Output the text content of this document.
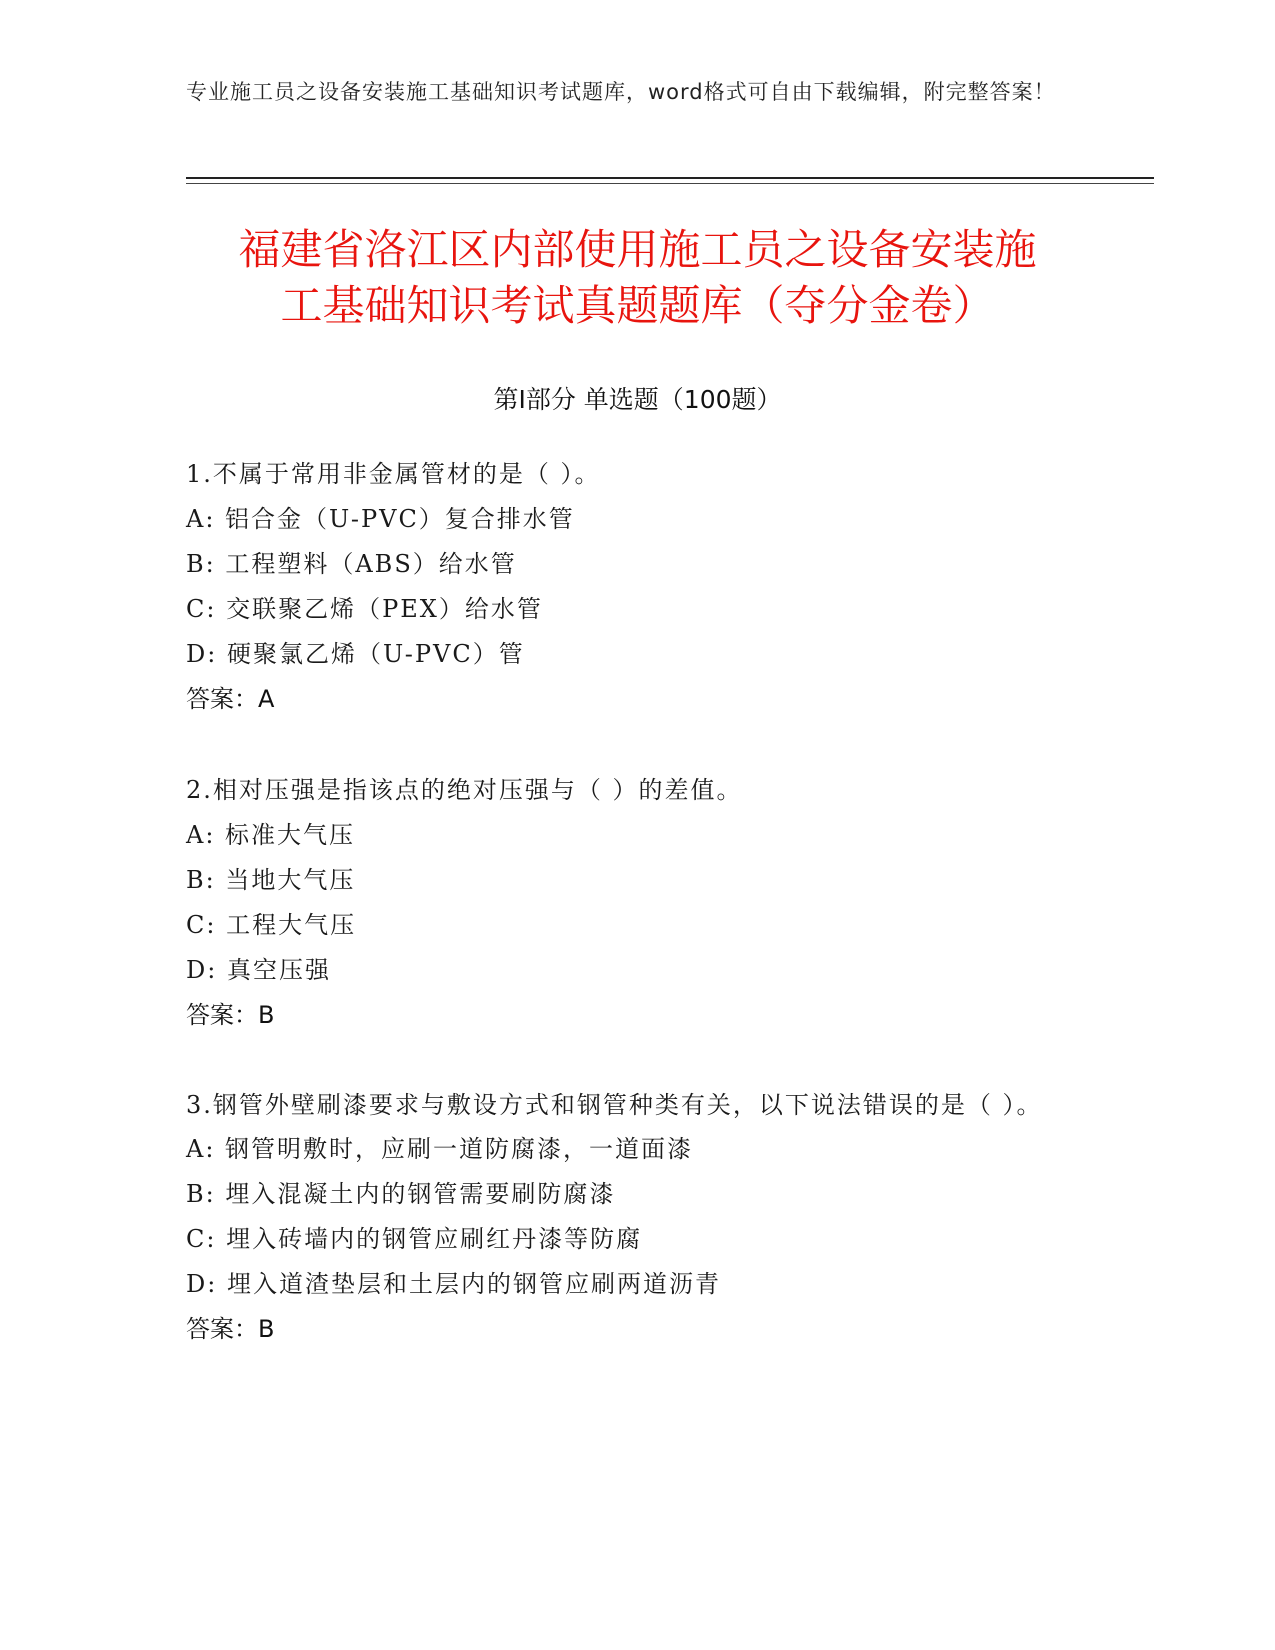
专业施工员之设备安装施工基础知识考试题库，word格式可自由下载编辑，附完整答案！
福建省洛江区内部使用施工员之设备安装施
工基础知识考试真题题库（夺分金卷）
第Ⅰ部分 单选题（100题）
1.不属于常用非金属管材的是（ ）。
A: 铝合金（U-PVC）复合排水管
B: 工程塑料（ABS）给水管
C: 交联聚乙烯（PEX）给水管
D: 硬聚氯乙烯（U-PVC）管
答案：A
2.相对压强是指该点的绝对压强与（ ）的差值。
A: 标准大气压
B: 当地大气压
C: 工程大气压
D: 真空压强
答案：B
3.钢管外壁刷漆要求与敷设方式和钢管种类有关，以下说法错误的是（ ）。
A: 钢管明敷时，应刷一道防腐漆，一道面漆
B: 埋入混凝土内的钢管需要刷防腐漆
C: 埋入砖墙内的钢管应刷红丹漆等防腐
D: 埋入道渣垫层和土层内的钢管应刷两道沥青
答案：B
